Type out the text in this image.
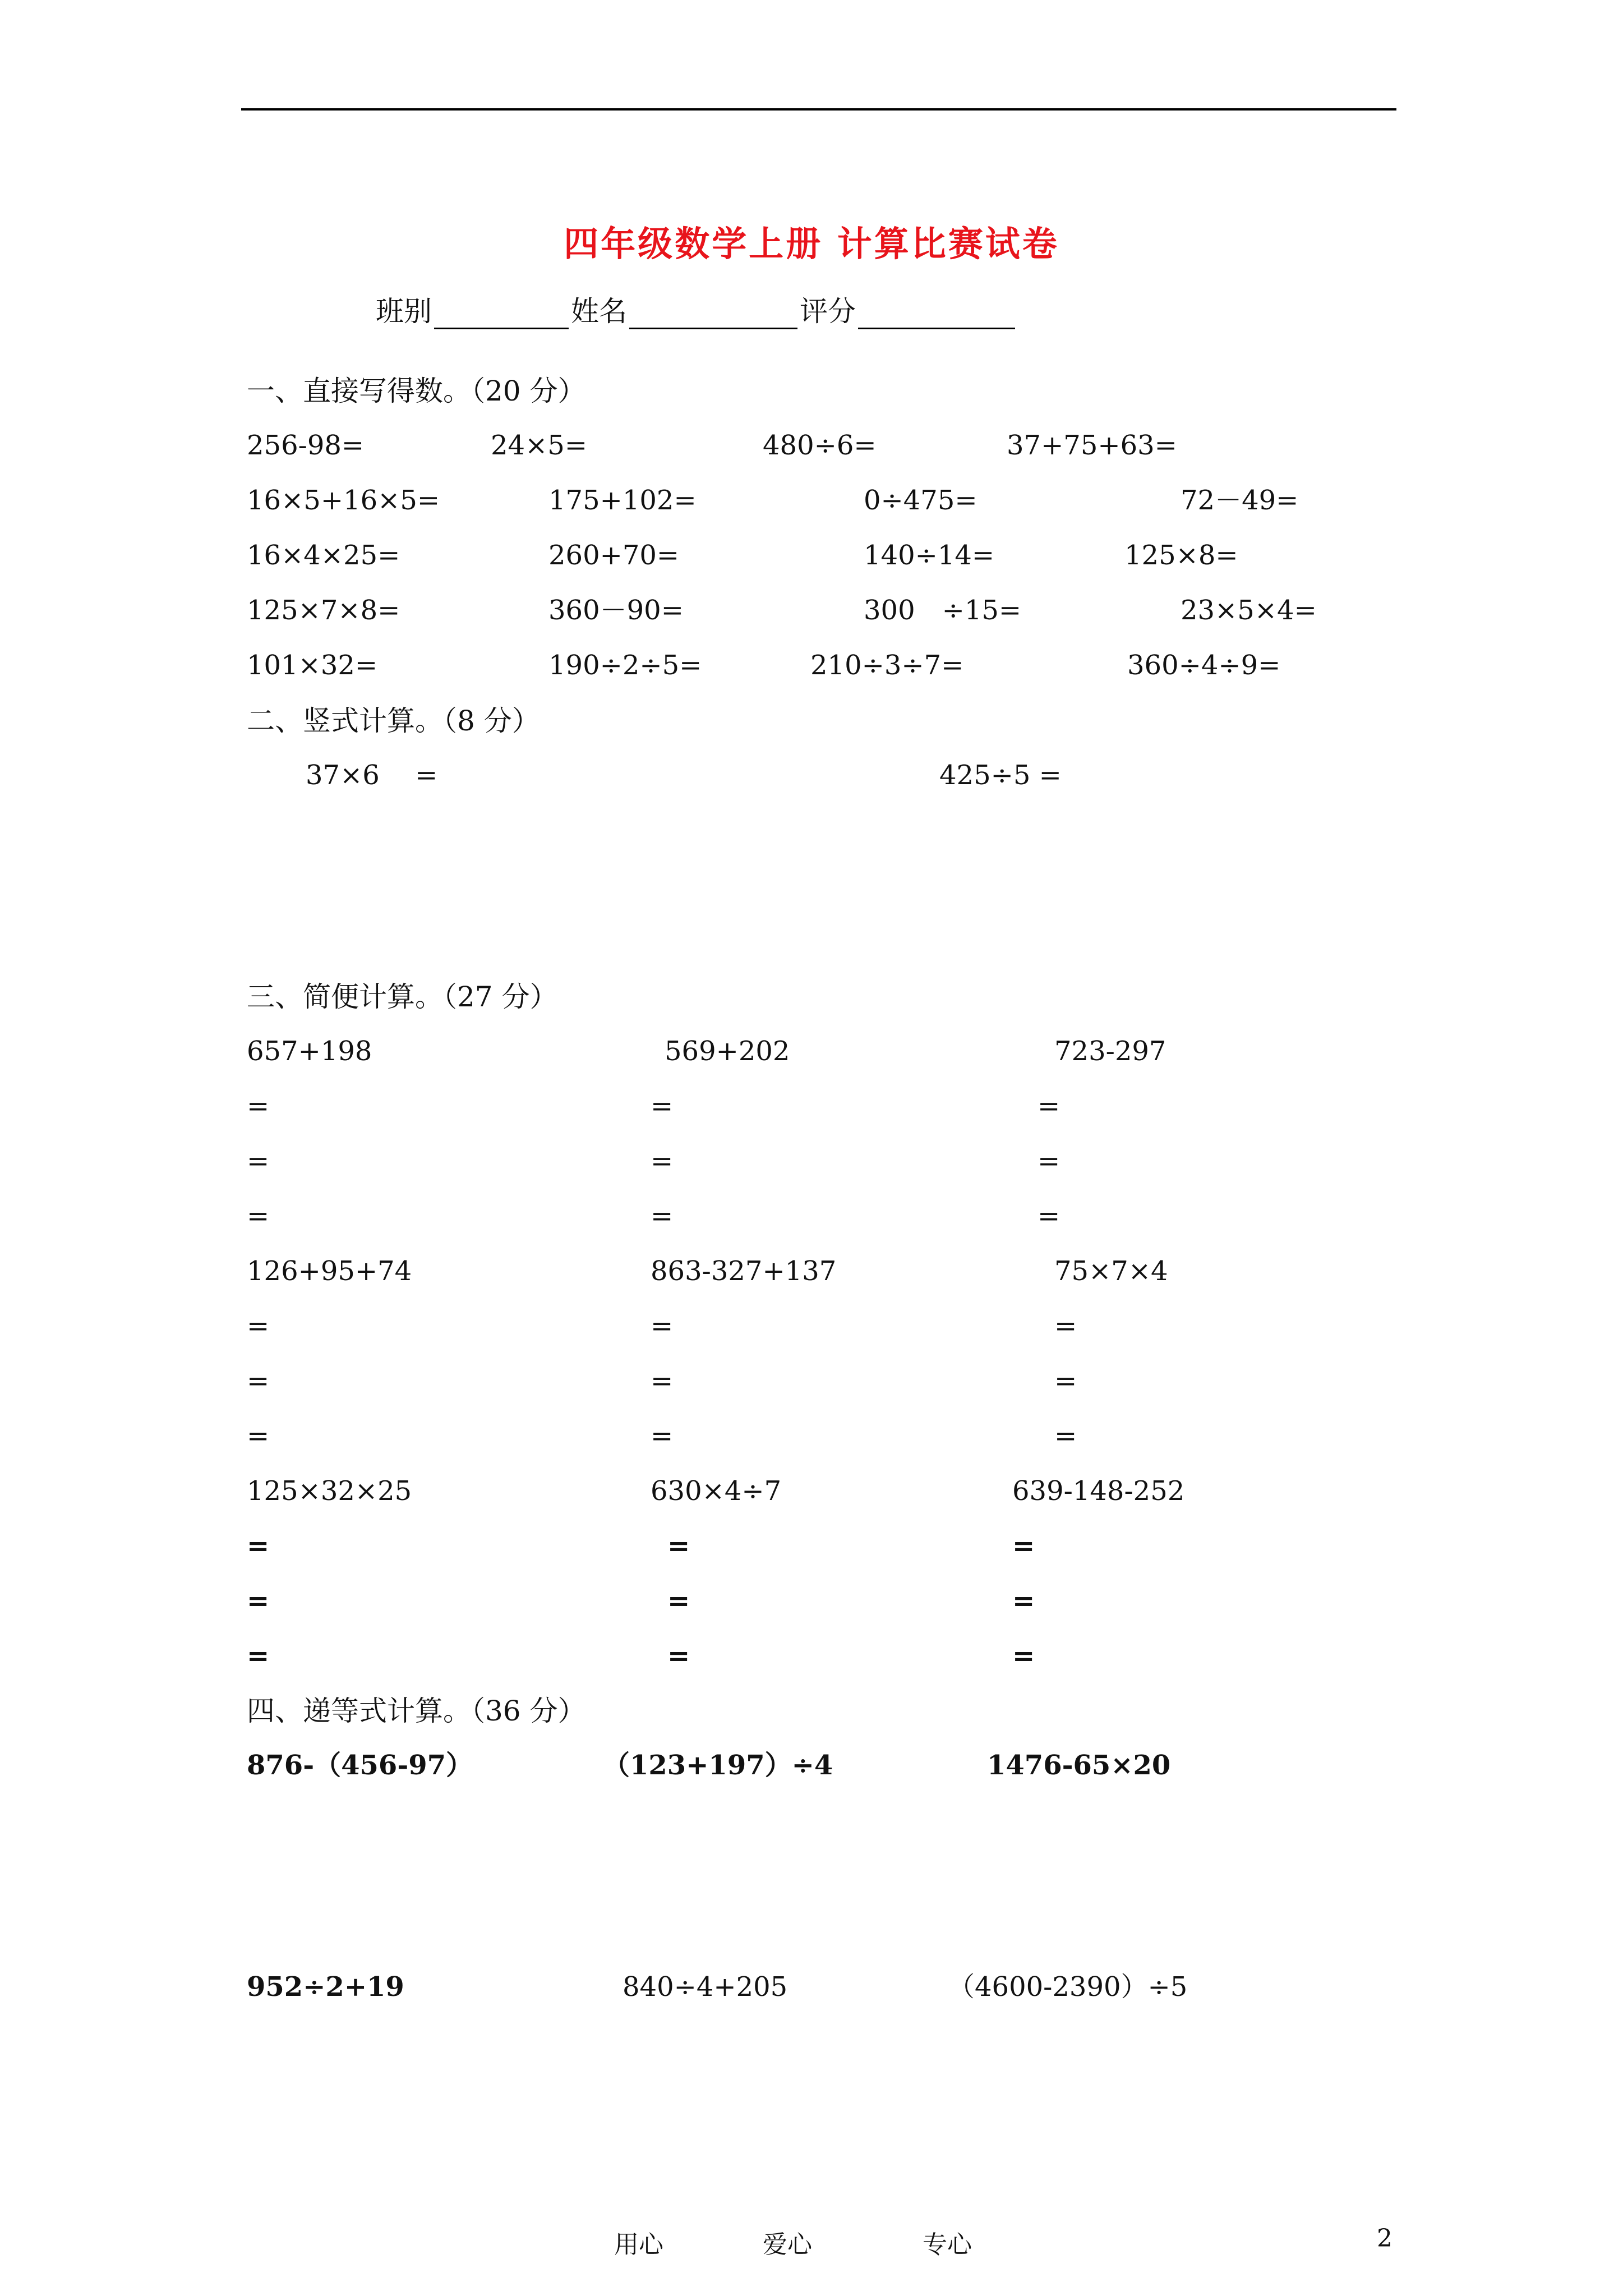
四年级数学上册 计算比赛试卷
班别	姓名	评分
一、直接写得数。（20 分）
256-98=	24×5=	480÷6=	37+75+63=
16×5+16×5=	175+102=	0÷475=	72－49=
16×4×25=	260+70=	140÷14=	125×8=
125×7×8=	360－90=	300　÷15=	23×5×4=
101×32=	190÷2÷5=	210÷3÷7=	360÷4÷9=
二、竖式计算。（8 分）
37×6　 =	425÷5 =
三、简便计算。（27 分）
657+198	569+202	723-297
=	=	=
=	=	=
=	=	=
126+95+74	863-327+137	75×7×4
=	=	=
=	=	=
=	=	=
125×32×25	630×4÷7	639-148-252
=	=	=
=	=	=
=	=	=
四、递等式计算。（36 分）
876-（456-97）	（123+197）÷4	1476-65×20
952÷2+19	840÷4+205	（4600-2390）÷5
用心	爱心	专心	2
